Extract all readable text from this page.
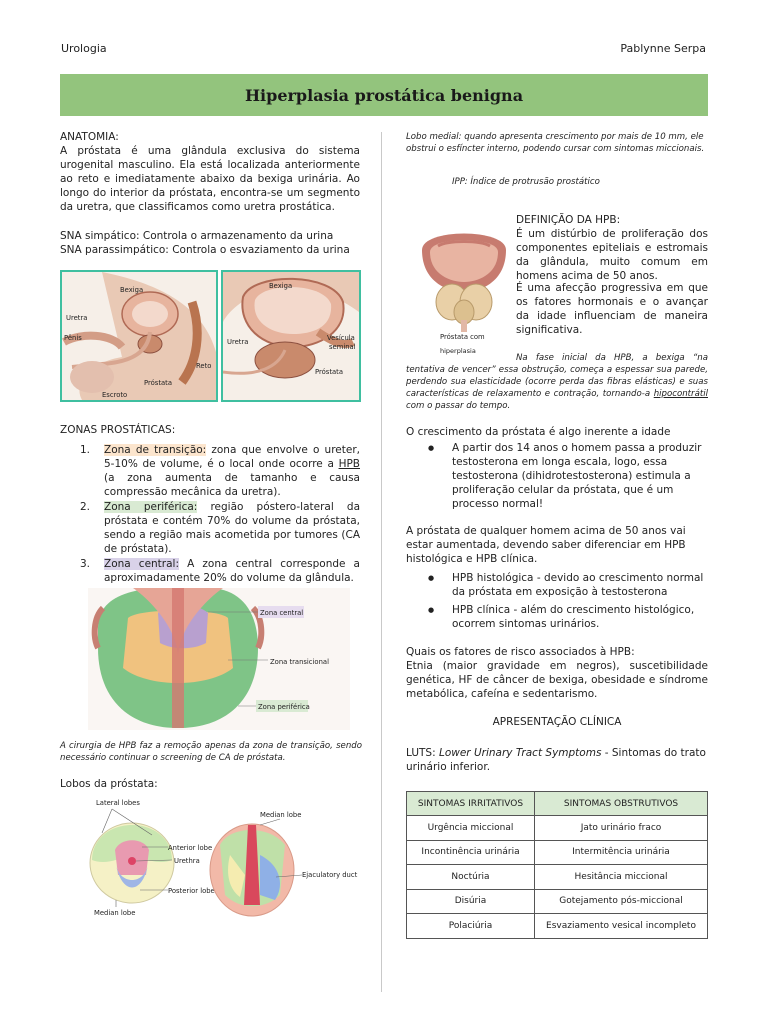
Urologia	Pablynne Serpa
Hiperplasia prostática benigna
ANATOMIA:
A próstata é uma glândula exclusiva do sistema urogenital masculino. Ela está localizada anteriormente ao reto e imediatamente abaixo da bexiga urinária. Ao longo do interior da próstata, encontra-se um segmento da uretra, que classificamos como uretra prostática.
SNA simpático: Controla o armazenamento da urina
SNA parassimpático: Controla o esvaziamento da urina
Bexiga
Uretra
Pênis
Próstata
Reto
Escroto
Bexiga
Uretra	Vesícula
seminal
Próstata
ZONAS PROSTÁTICAS:
1.	Zona de transição: zona que envolve o ureter, 5-10% de volume, é o local onde ocorre a HPB (a zona aumenta de tamanho e causa compressão mecânica da uretra).
2.	Zona periférica: região póstero-lateral da próstata e contém 70% do volume da próstata, sendo a região mais acometida por tumores (CA de próstata).
3.	Zona central: A zona central corresponde a aproximadamente 20% do volume da glândula.
Zona central
Zona transicional
Zona periférica
A cirurgia de HPB faz a remoção apenas da zona de transição, sendo necessário continuar o screening de CA de próstata.
Lobos da próstata:
Lateral lobes
Anterior lobe
Urethra
Posterior lobe
Median lobe
Median lobe
Ejaculatory duct
Lobo medial: quando apresenta crescimento por mais de 10 mm, ele obstrui o esfíncter interno, podendo cursar com sintomas miccionais.
IPP: Índice de protrusão prostático
Próstata com
hiperplasia
DEFINIÇÃO DA HPB:
É um distúrbio de proliferação dos componentes epiteliais e estromais da glândula, muito comum em homens acima de 50 anos.
É uma afecção progressiva em que os fatores hormonais e o avançar da idade influenciam de maneira significativa.
Na fase inicial da HPB, a bexiga “na tentativa de vencer” essa obstrução, começa a espessar sua parede, perdendo sua elasticidade (ocorre perda das fibras elásticas) e suas características de relaxamento e contração, tornando-a hipocontrátil com o passar do tempo.
O crescimento da próstata é algo inerente a idade
● A partir dos 14 anos o homem passa a produzir testosterona em longa escala, logo, essa testosterona (dihidrotestosterona) estimula a proliferação celular da próstata, que é um processo normal!
A próstata de qualquer homem acima de 50 anos vai estar aumentada, devendo saber diferenciar em HPB histológica e HPB clínica.
● HPB histológica - devido ao crescimento normal da próstata em exposição à testosterona
● HPB clínica - além do crescimento histológico, ocorrem sintomas urinários.
Quais os fatores de risco associados à HPB:
Etnia (maior gravidade em negros), suscetibilidade genética, HF de câncer de bexiga, obesidade e síndrome metabólica, cafeína e sedentarismo.
APRESENTAÇÃO CLÍNICA
LUTS: Lower Urinary Tract Symptoms - Sintomas do trato urinário inferior.
SINTOMAS IRRITATIVOS	SINTOMAS OBSTRUTIVOS
Urgência miccional	Jato urinário fraco
Incontinência urinária	Intermitência urinária
Noctúria	Hesitância miccional
Disúria	Gotejamento pós-miccional
Polaciúria	Esvaziamento vesical incompleto
